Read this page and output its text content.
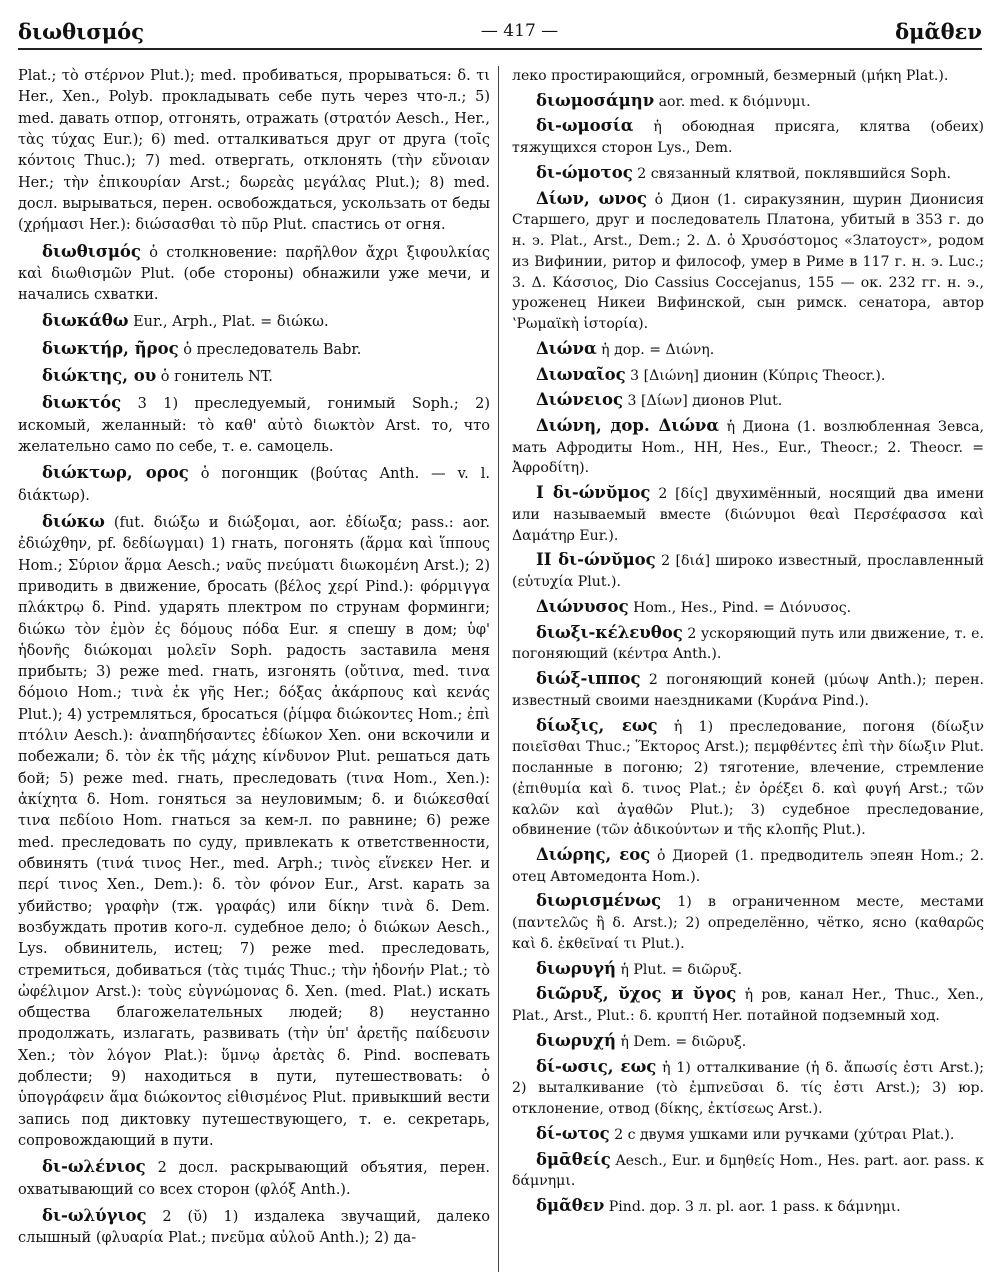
διωθισμός	— 417 —	δμᾶθεν

Plat.; τὸ στέρνον Plut.); med. пробиваться, прорываться: δ. τι Her., Xen., Polyb. прокладывать себе путь через что-л.; 5) med. давать отпор, отгонять, отражать (στρατόν Aesch., Her., τὰς τύχας Eur.); 6) med. отталкиваться друг от друга (τοῖς κόντοις Thuc.); 7) med. отвергать, отклонять (τὴν εὔνοιαν Her.; τὴν ἐπικουρίαν Arst.; δωρεὰς μεγάλας Plut.); 8) med. досл. вырываться, перен. освобождаться, ускользать от беды (χρήμασι Her.): διώσασθαι τὸ πῦρ Plut. спастись от огня.

διωθισμός ὁ столкновение: παρῆλθον ἄχρι ξιφουλκίας καὶ διωθισμῶν Plut. (обе стороны) обнажили уже мечи, и начались схватки.

διωκάθω Eur., Arph., Plat. = διώκω.

διωκτήρ, ῆρος ὁ преследователь Babr.

διώκτης, ου ὁ гонитель NT.

διωκτός 3 1) преследуемый, гонимый Soph.; 2) искомый, желанный: τὸ καθ' αὐτὸ διωκτὸν Arst. то, что желательно само по себе, т. е. самоцель.

διώκτωρ, ορος ὁ погонщик (βούτας Anth. — v. l. διάκτωρ).

διώκω (fut. διώξω и διώξομαι, aor. ἐδίωξα; pass.: aor. ἐδιώχθην, pf. δεδίωγμαι) 1) гнать, погонять (ἅρμα καὶ ἵππους Hom.; Σύριον ἅρμα Aesch.; ναῦς πνεύματι διωκομένη Arst.); 2) приводить в движение, бросать (βέλος χερί Pind.): φόρμιγγα πλάκτρῳ δ. Pind. ударять плектром по струнам форминги; διώκω τὸν ἐμὸν ἐς δόμους πόδα Eur. я спешу в дом; ὑφ' ἡδονῆς διώκομαι μολεῖν Soph. радость заставила меня прибыть; 3) реже med. гнать, изгонять (οὔτινα, med. τινα δόμοιο Hom.; τινὰ ἐκ γῆς Her.; δόξας ἀκάρπους καὶ κενάς Plut.); 4) устремляться, бросаться (ῥίμφα διώκοντες Hom.; ἐπὶ πτόλιν Aesch.): ἀναπηδήσαντες ἐδίωκον Xen. они вскочили и побежали; δ. τὸν ἐκ τῆς μάχης κίνδυνον Plut. решаться дать бой; 5) реже med. гнать, преследовать (τινα Hom., Xen.): ἀκίχητα δ. Hom. гоняться за неуловимым; δ. и διώκεσθαί τινα πεδίοιο Hom. гнаться за кем-л. по равнине; 6) реже med. преследовать по суду, привлекать к ответственности, обвинять (τινά τινος Her., med. Arph.; τινὸς εἵνεκεν Her. и περί τινος Xen., Dem.): δ. τὸν φόνον Eur., Arst. карать за убийство; γραφὴν (тж. γραφάς) или δίκην τινὰ δ. Dem. возбуждать против кого-л. судебное дело; ὁ διώκων Aesch., Lys. обвинитель, истец; 7) реже med. преследовать, стремиться, добиваться (τὰς τιμάς Thuc.; τὴν ἡδονήν Plat.; τὸ ὠφέλιμον Arst.): τοὺς εὐγνώμονας δ. Xen. (med. Plat.) искать общества благожелательных людей; 8) неустанно продолжать, излагать, развивать (τὴν ὑπ' ἀρετῆς παίδευσιν Xen.; τὸν λόγον Plat.): ὕμνῳ ἀρετὰς δ. Pind. воспевать доблести; 9) находиться в пути, путешествовать: ὁ ὑπογράφειν ἅμα διώκοντος εἰθισμένος Plut. привыкший вести запись под диктовку путешествующего, т. е. секретарь, сопровождающий в пути.

δι-ωλένιος 2 досл. раскрывающий объятия, перен. охватывающий со всех сторон (φλόξ Anth.).

δι-ωλύγιος 2 (ῠ) 1) издалека звучащий, далеко слышный (φλυαρία Plat.; πνεῦμα αὐλοῦ Anth.); 2) да-

леко простирающийся, огромный, безмерный (μήκη Plat.).

διωμοσάμην aor. med. к διόμνυμι.

δι-ωμοσία ἡ обоюдная присяга, клятва (обеих) тяжущихся сторон Lys., Dem.

δι-ώμοτος 2 связанный клятвой, поклявшийся Soph.

Δίων, ωνος ὁ Дион (1. сиракузянин, шурин Дионисия Старшего, друг и последователь Платона, убитый в 353 г. до н. э. Plat., Arst., Dem.; 2. Δ. ὁ Χρυσόστομος «Златоуст», родом из Вифинии, ритор и философ, умер в Риме в 117 г. н. э. Luc.; 3. Δ. Κάσσιος, Dio Cassius Coccejanus, 155 — ок. 232 гг. н. э., уроженец Никеи Вифинской, сын римск. сенатора, автор ʽΡωμαϊκὴ ἱστορία).

Διώνα ἡ дор. = Διώνη.

Διωναῖος 3 [Διώνη] дионин (Κύπρις Theocr.).

Διώνειος 3 [Δίων] дионов Plut.

Διώνη, дор. Διώνα ἡ Диона (1. возлюбленная Зевса, мать Афродиты Hom., HH, Hes., Eur., Theocr.; 2. Theocr. = Ἀφροδίτη).

I δι-ώνῠμος 2 [δίς] двухимённый, носящий два имени или называемый вместе (διώνυμοι θεαὶ Περσέφασσα καὶ Δαμάτηρ Eur.).

II δι-ώνῠμος 2 [διά] широко известный, прославленный (εὐτυχία Plut.).

Διώνυσος Hom., Hes., Pind. = Διόνυσος.

διωξι-κέλευθος 2 ускоряющий путь или движение, т. е. погоняющий (κέντρα Anth.).

διώξ-ιππος 2 погоняющий коней (μύωψ Anth.); перен. известный своими наездниками (Κυράνα Pind.).

δίωξις, εως ἡ 1) преследование, погоня (δίωξιν ποιεῖσθαι Thuc.; Ἕκτορος Arst.); πεμφθέντες ἐπὶ τὴν δίωξιν Plut. посланные в погоню; 2) тяготение, влечение, стремление (ἐπιθυμία καὶ δ. τινος Plat.; ἐν ὀρέξει δ. καὶ φυγή Arst.; τῶν καλῶν καὶ ἀγαθῶν Plut.); 3) судебное преследование, обвинение (τῶν ἀδικούντων и τῆς κλοπῆς Plut.).

Διώρης, εος ὁ Диорей (1. предводитель эпеян Hom.; 2. отец Автомедонта Hom.).

διωρισμένως 1) в ограниченном месте, местами (παντελῶς ἢ δ. Arst.); 2) определённо, чётко, ясно (καθαρῶς καὶ δ. ἐκθεῖναί τι Plut.).

διωρυγή ἡ Plut. = διῶρυξ.

διῶρυξ, ῠχος и ῠγος ἡ ров, канал Her., Thuc., Xen., Plat., Arst., Plut.: δ. κρυπτή Her. потайной подземный ход.

διωρυχή ἡ Dem. = διῶρυξ.

δί-ωσις, εως ἡ 1) отталкивание (ἡ δ. ἄπωσίς ἐστι Arst.); 2) выталкивание (τὸ ἐμπνεῦσαι δ. τίς ἐστι Arst.); 3) юр. отклонение, отвод (δίκης, ἐκτίσεως Arst.).

δί-ωτος 2 с двумя ушками или ручками (χύτραι Plat.).

δμᾱθείς Aesch., Eur. и δμηθείς Hom., Hes. part. aor. pass. к δάμνημι.

δμᾶθεν Pind. дор. 3 л. pl. aor. 1 pass. к δάμνημι.
